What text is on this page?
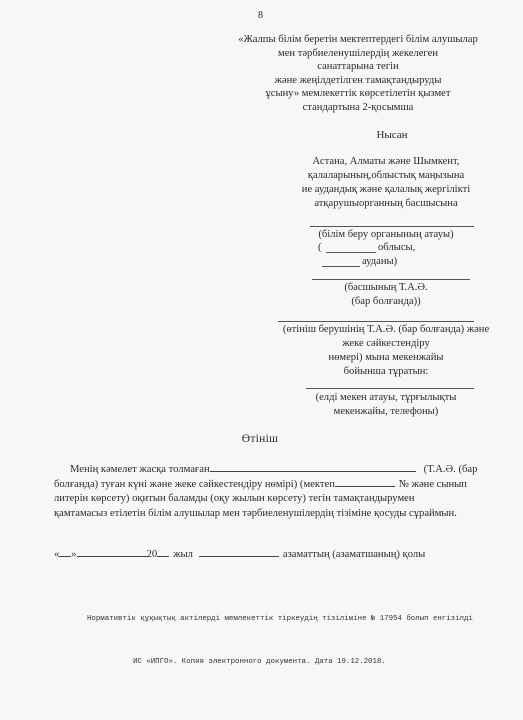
8
«Жалпы білім беретін мектептердегі білім алушылар
мен тәрбиеленушілердің жекелеген
санаттарына тегін
және жеңілдетілген тамақтандыруды
ұсыну» мемлекеттік көрсетілетін қызмет
стандартына 2-қосымша
Нысан
Астана, Алматы және Шымкент,
қалаларының,облыстық маңызына
ие аудандық және қалалық жергілікті
атқарушыорганның басшысына
(білім беру органының атауы)
(	облысы,
ауданы)
(басшының Т.А.Ә.
(бар болғанда))
(өтініш берушінің Т.А.Ә. (бар болғанда) және
жеке сәйкестендіру
нөмері) мына мекенжайы
бойынша тұратын:
(елді мекен атауы, тұрғылықты
мекенжайы, телефоны)
Өтініш
Менің кәмелет жасқа толмаған	(Т.А.Ә. (бар
болғанда) туған күні және жеке сәйкестендіру нөмірі) (мектеп	№ және сынып
литерін көрсету) оқитын баламды (оқу жылын көрсету) тегін тамақтандырумен
қамтамасыз етілетін білім алушылар мен тәрбиеленушілердің тізіміне қосуды сұраймын.
« »	20 жыл	азаматтың (азаматшаның) қолы
Нормативтік құқықтық актілерді мемлекеттік тіркеудің тізіліміне № 17954 болып енгізілді
ИС «ИПГО». Копия электронного документа. Дата 19.12.2018.
